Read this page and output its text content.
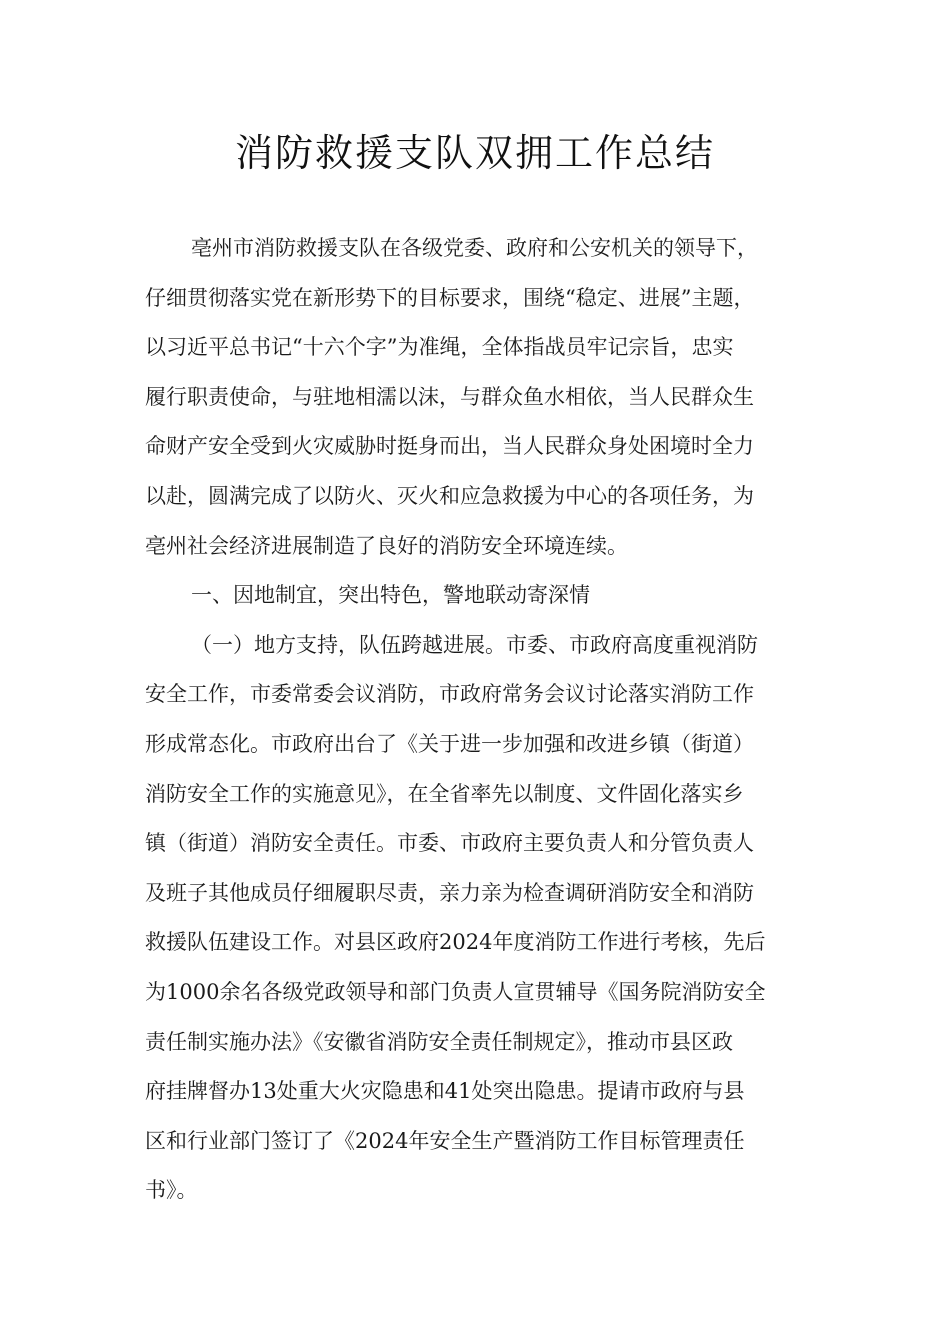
消防救援支队双拥工作总结
亳州市消防救援支队在各级党委、政府和公安机关的领导下，
仔细贯彻落实党在新形势下的目标要求，围绕“稳定、进展”主题，
以习近平总书记“十六个字”为准绳，全体指战员牢记宗旨，忠实
履行职责使命，与驻地相濡以沫，与群众鱼水相依，当人民群众生
命财产安全受到火灾威胁时挺身而出，当人民群众身处困境时全力
以赴，圆满完成了以防火、灭火和应急救援为中心的各项任务，为
亳州社会经济进展制造了良好的消防安全环境连续。
一、因地制宜，突出特色，警地联动寄深情
（一）地方支持，队伍跨越进展。市委、市政府高度重视消防
安全工作，市委常委会议消防，市政府常务会议讨论落实消防工作
形成常态化。市政府出台了《关于进一步加强和改进乡镇（街道）
消防安全工作的实施意见》，在全省率先以制度、文件固化落实乡
镇（街道）消防安全责任。市委、市政府主要负责人和分管负责人
及班子其他成员仔细履职尽责，亲力亲为检查调研消防安全和消防
救援队伍建设工作。对县区政府2024年度消防工作进行考核，先后
为1000余名各级党政领导和部门负责人宣贯辅导《国务院消防安全
责任制实施办法》《安徽省消防安全责任制规定》，推动市县区政
府挂牌督办13处重大火灾隐患和41处突出隐患。提请市政府与县
区和行业部门签订了《2024年安全生产暨消防工作目标管理责任
书》。
